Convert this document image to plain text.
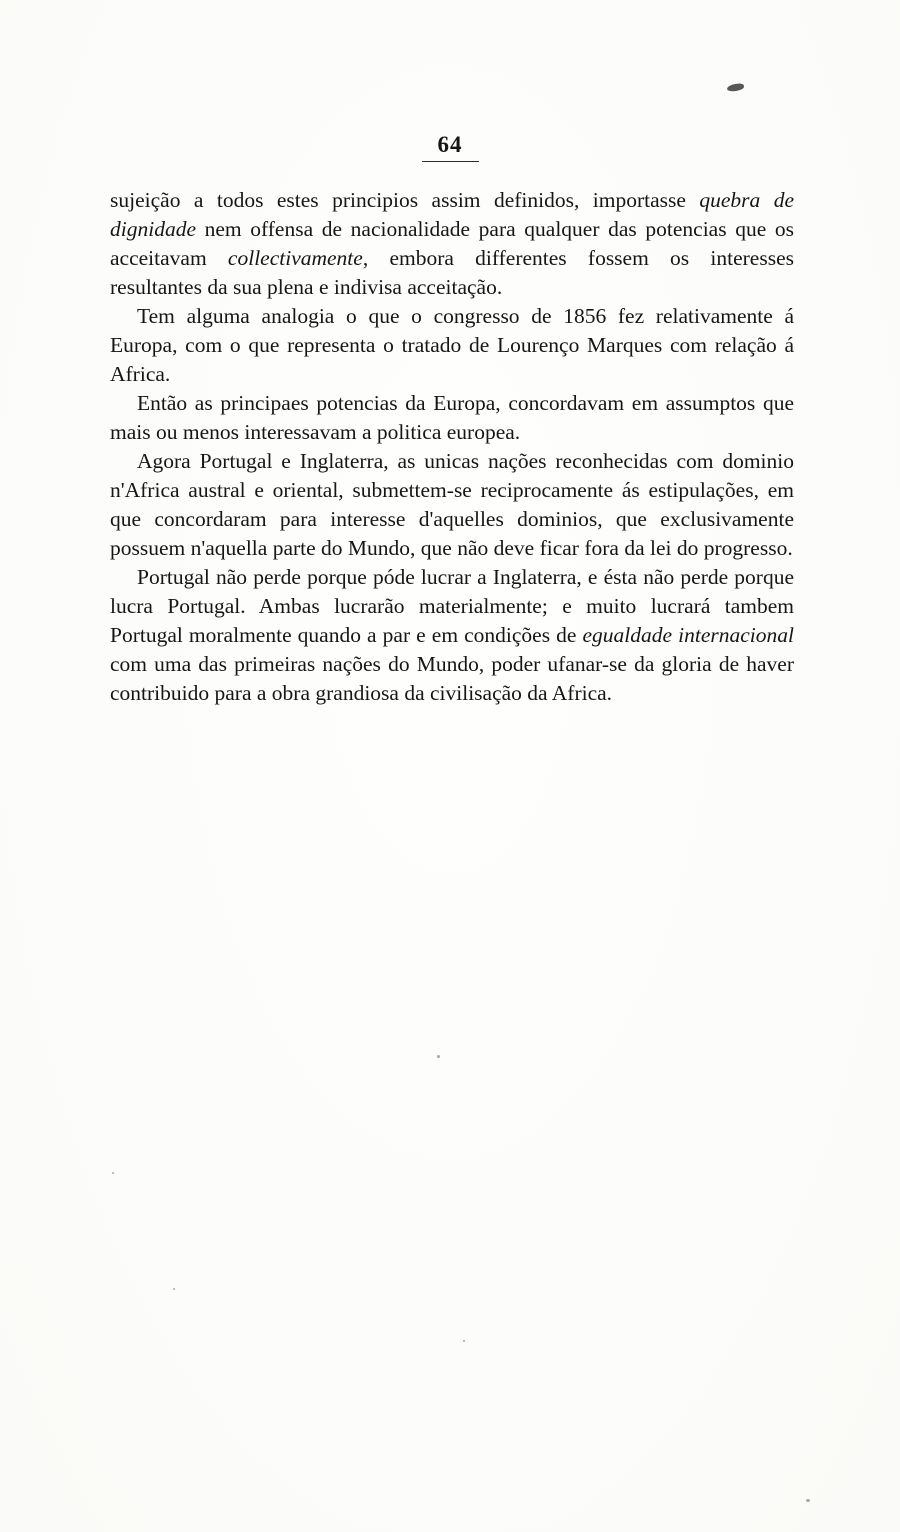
64

sujeição a todos estes principios assim definidos, importasse quebra de dignidade nem offensa de nacionalidade para qualquer das potencias que os acceitavam collectivamente, embora differentes fossem os interesses resultantes da sua plena e indivisa acceitação.

Tem alguma analogia o que o congresso de 1856 fez relativamente á Europa, com o que representa o tratado de Lourenço Marques com relação á Africa.

Então as principaes potencias da Europa, concordavam em assumptos que mais ou menos interessavam a politica europea.

Agora Portugal e Inglaterra, as unicas nações reconhecidas com dominio n'Africa austral e oriental, submettem-se reciprocamente ás estipulações, em que concordaram para interesse d'aquelles dominios, que exclusivamente possuem n'aquella parte do Mundo, que não deve ficar fora da lei do progresso.

Portugal não perde porque póde lucrar a Inglaterra, e ésta não perde porque lucra Portugal. Ambas lucrarão materialmente; e muito lucrará tambem Portugal moralmente quando a par e em condições de egualdade internacional com uma das primeiras nações do Mundo, poder ufanar-se da gloria de haver contribuido para a obra grandiosa da civilisação da Africa.
